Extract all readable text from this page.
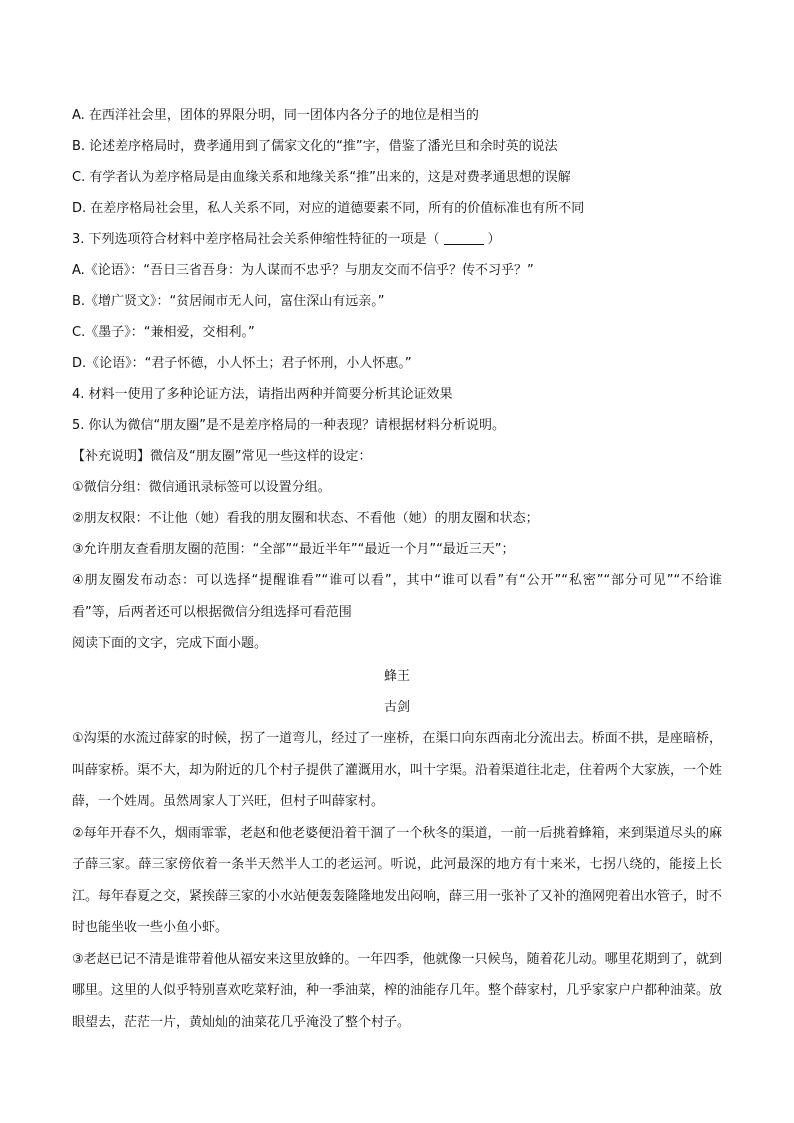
A. 在西洋社会里，团体的界限分明，同一团体内各分子的地位是相当的
B. 论述差序格局时，费孝通用到了儒家文化的“推”字，借鉴了潘光旦和余时英的说法
C. 有学者认为差序格局是由血缘关系和地缘关系“推”出来的，这是对费孝通思想的误解
D. 在差序格局社会里，私人关系不同，对应的道德要素不同，所有的价值标准也有所不同
3. 下列选项符合材料中差序格局社会关系伸缩性特征的一项是（	）
A.《论语》：“吾日三省吾身：为人谋而不忠乎？与朋友交而不信乎？传不习乎？”
B.《增广贤文》：“贫居闹市无人问，富住深山有远亲。”
C.《墨子》：“兼相爱，交相利。”
D.《论语》：“君子怀德，小人怀土；君子怀刑，小人怀惠。”
4. 材料一使用了多种论证方法，请指出两种并简要分析其论证效果
5. 你认为微信“朋友圈”是不是差序格局的一种表现？请根据材料分析说明。
【补充说明】微信及“朋友圈”常见一些这样的设定：
①微信分组：微信通讯录标签可以设置分组。
②朋友权限：不让他（她）看我的朋友圈和状态、不看他（她）的朋友圈和状态；
③允许朋友查看朋友圈的范围：“全部”“最近半年”“最近一个月”“最近三天”；
④朋友圈发布动态：可以选择“提醒谁看”“谁可以看”，其中“谁可以看”有“公开”“私密”“部分可见”“不给谁看”等，后两者还可以根据微信分组选择可看范围
阅读下面的文字，完成下面小题。
蜂王
古剑
①沟渠的水流过薛家的时候，拐了一道弯儿，经过了一座桥，在渠口向东西南北分流出去。桥面不拱，是座暗桥，叫薛家桥。渠不大，却为附近的几个村子提供了灌溉用水，叫十字渠。沿着渠道往北走，住着两个大家族，一个姓薛，一个姓周。虽然周家人丁兴旺，但村子叫薛家村。
②每年开春不久，烟雨霏霏，老赵和他老婆便沿着干涸了一个秋冬的渠道，一前一后挑着蜂箱，来到渠道尽头的麻子薛三家。薛三家傍依着一条半天然半人工的老运河。听说，此河最深的地方有十来米，七拐八绕的，能接上长江。每年春夏之交，紧挨薛三家的小水站便轰轰隆隆地发出闷响，薛三用一张补了又补的渔网兜着出水管子，时不时也能坐收一些小鱼小虾。
③老赵已记不清是谁带着他从福安来这里放蜂的。一年四季，他就像一只候鸟，随着花儿动。哪里花期到了，就到哪里。这里的人似乎特别喜欢吃菜籽油，种一季油菜，榨的油能存几年。整个薛家村，几乎家家户户都种油菜。放眼望去，茫茫一片，黄灿灿的油菜花几乎淹没了整个村子。
